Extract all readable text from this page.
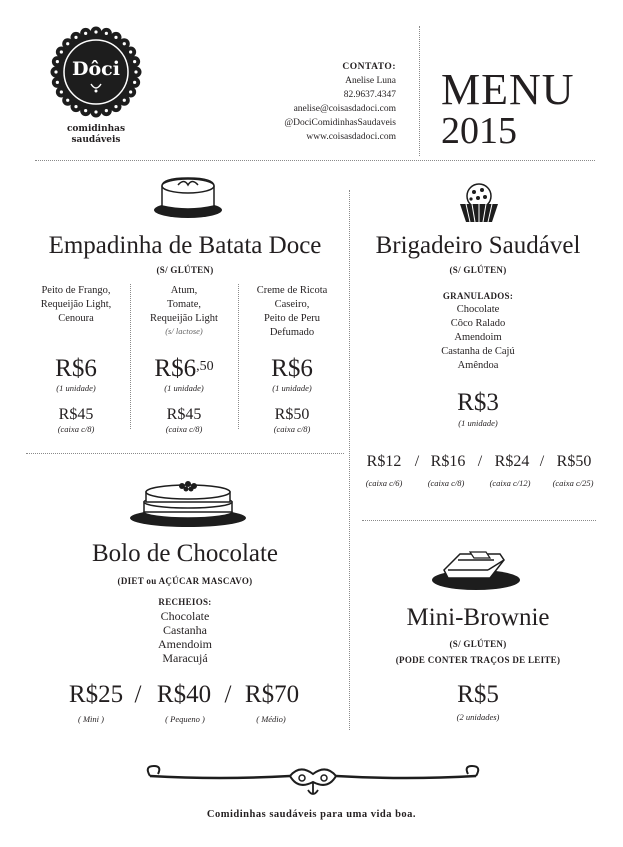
Dôci
comidinhas
saudáveis
CONTATO:
Anelise Luna
82.9637.4347
anelise@coisasdadoci.com
@DociComidinhasSaudaveis
www.coisasdadoci.com
MENU
2015
Empadinha de Batata Doce
(S/ GLÚTEN)
Peito de Frango,
Requeijão Light,
Cenoura
R$6
(1 unidade)
R$45
(caixa c/8)
Atum,
Tomate,
Requeijão Light
(s/ lactose)
$R\$6^{,50}$
(1 unidade)
R$45
(caixa c/8)
Creme de Ricota
Caseiro,
Peito de Peru
Defumado
R$6
(1 unidade)
R$50
(caixa c/8)
Brigadeiro Saudável
(S/ GLÚTEN)
GRANULADOS:
Chocolate
Côco Ralado
Amendoim
Castanha de Cajú
Amêndoa
R$3
(1 unidade)
R$12 / R$16 / R$24 / R$50
(caixa c/6)	(caixa c/8)	(caixa c/12)	(caixa c/25)
Bolo de Chocolate
(DIET ou AÇÚCAR MASCAVO)
RECHEIOS:
Chocolate
Castanha
Amendoim
Maracujá
R$25 / R$40 / R$70
( Mini )	( Pequeno )	( Médio)
Mini-Brownie
(S/ GLÚTEN)
(PODE CONTER TRAÇOS DE LEITE)
R$5
(2 unidades)
Comidinhas saudáveis para uma vida boa.
